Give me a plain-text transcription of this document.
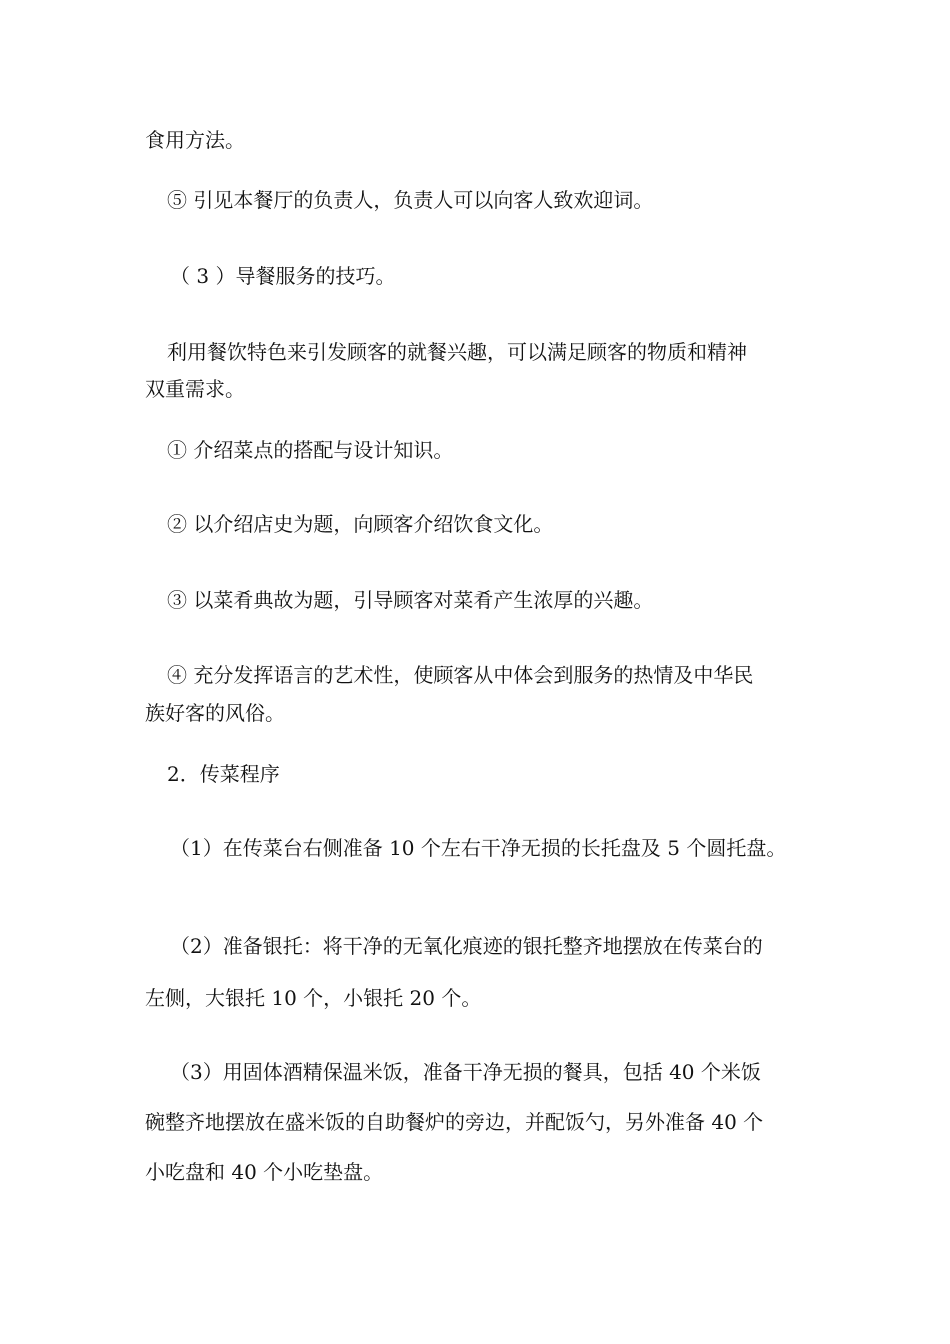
食用方法。
⑤ 引见本餐厅的负责人，负责人可以向客人致欢迎词。
（ 3 ）导餐服务的技巧。
利用餐饮特色来引发顾客的就餐兴趣，可以满足顾客的物质和精神
双重需求。
① 介绍菜点的搭配与设计知识。
② 以介绍店史为题，向顾客介绍饮食文化。
③ 以菜肴典故为题，引导顾客对菜肴产生浓厚的兴趣。
④ 充分发挥语言的艺术性，使顾客从中体会到服务的热情及中华民
族好客的风俗。
2．传菜程序
（1）在传菜台右侧准备 10 个左右干净无损的长托盘及 5 个圆托盘。
（2）准备银托：将干净的无氧化痕迹的银托整齐地摆放在传菜台的
左侧，大银托 10 个，小银托 20 个。
（3）用固体酒精保温米饭，准备干净无损的餐具，包括 40 个米饭
碗整齐地摆放在盛米饭的自助餐炉的旁边，并配饭勺，另外准备 40 个
小吃盘和 40 个小吃垫盘。
